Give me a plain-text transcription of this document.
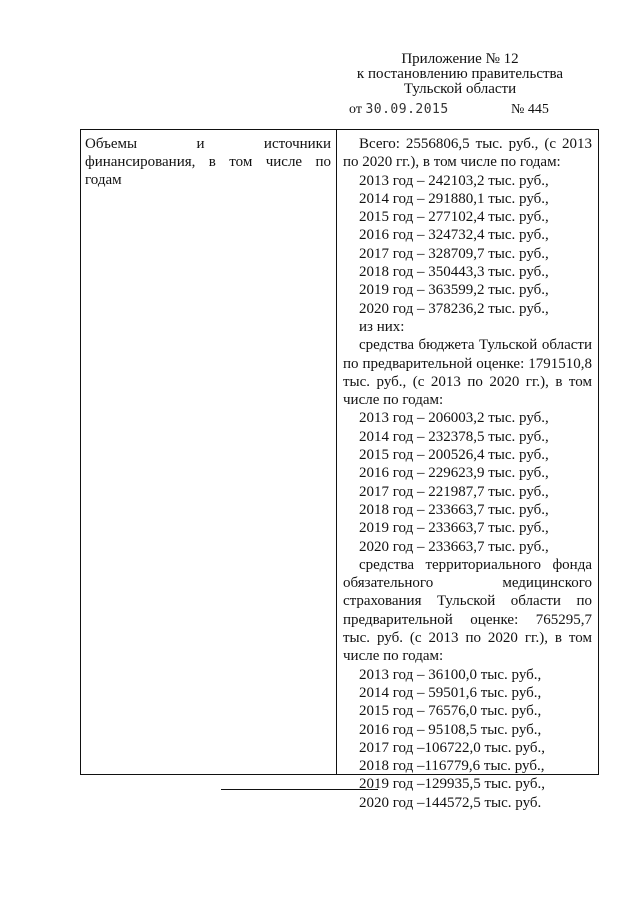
Приложение № 12
к постановлению правительства
Тульской области
от 30.09.2015	№ 445
Объемы и источники финансирования, в том числе по годам
Всего: 2556806,5 тыс. руб., (с 2013 по 2020 гг.), в том числе по годам:
2013 год – 242103,2 тыс. руб.,
2014 год – 291880,1 тыс. руб.,
2015 год – 277102,4 тыс. руб.,
2016 год – 324732,4 тыс. руб.,
2017 год – 328709,7 тыс. руб.,
2018 год – 350443,3 тыс. руб.,
2019 год – 363599,2 тыс. руб.,
2020 год – 378236,2 тыс. руб.,
из них:
средства бюджета Тульской области по предварительной оценке: 1791510,8 тыс. руб., (с 2013 по 2020 гг.), в том числе по годам:
2013 год – 206003,2 тыс. руб.,
2014 год – 232378,5 тыс. руб.,
2015 год – 200526,4 тыс. руб.,
2016 год – 229623,9 тыс. руб.,
2017 год – 221987,7 тыс. руб.,
2018 год – 233663,7 тыс. руб.,
2019 год – 233663,7 тыс. руб.,
2020 год – 233663,7 тыс. руб.,
средства территориального фонда обязательного медицинского страхования Тульской области по предварительной оценке: 765295,7 тыс. руб. (с 2013 по 2020 гг.), в том числе по годам:
2013 год – 36100,0 тыс. руб.,
2014 год – 59501,6 тыс. руб.,
2015 год – 76576,0 тыс. руб.,
2016 год – 95108,5 тыс. руб.,
2017 год –106722,0 тыс. руб.,
2018 год –116779,6 тыс. руб.,
2019 год –129935,5 тыс. руб.,
2020 год –144572,5 тыс. руб.
